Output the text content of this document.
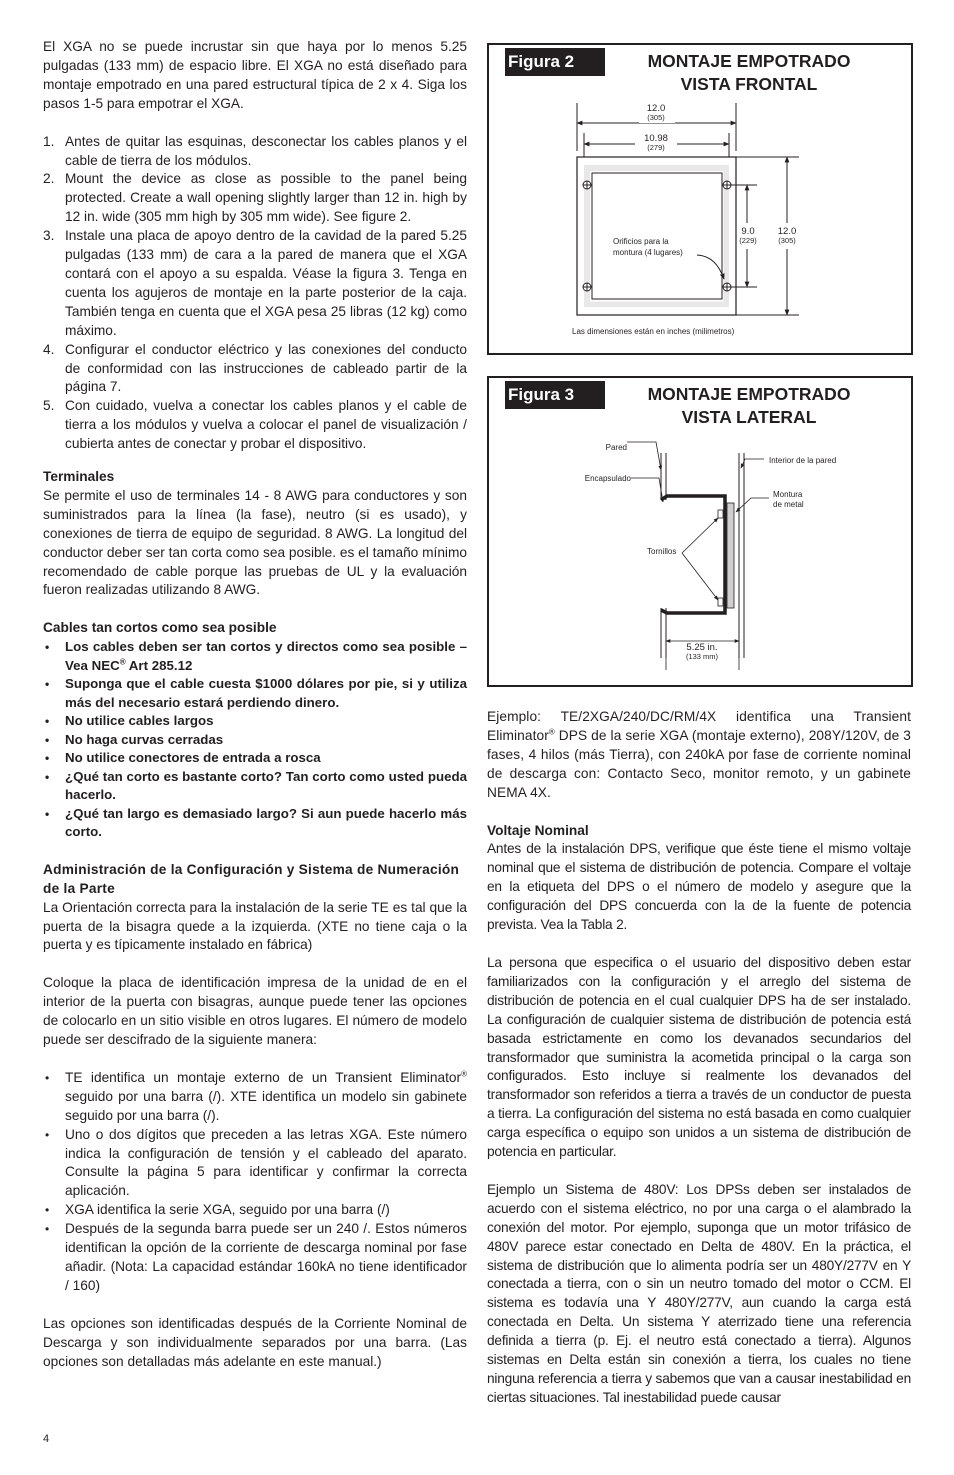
El XGA no se puede incrustar sin que haya por lo menos 5.25 pulgadas (133 mm) de espacio libre. El XGA no está diseñado para montaje empotrado en una pared estructural típica de 2 x 4. Siga los pasos 1-5 para empotrar el XGA.

1. Antes de quitar las esquinas, desconectar los cables planos y el cable de tierra de los módulos.
2. Mount the device as close as possible to the panel being protected. Create a wall opening slightly larger than 12 in. high by 12 in. wide (305 mm high by 305 mm wide). See figure 2.
3. Instale una placa de apoyo dentro de la cavidad de la pared 5.25 pulgadas (133 mm) de cara a la pared de manera que el XGA contará con el apoyo a su espalda. Véase la figura 3. Tenga en cuenta los agujeros de montaje en la parte posterior de la caja. También tenga en cuenta que el XGA pesa 25 libras (12 kg) como máximo.
4. Configurar el conductor eléctrico y las conexiones del conducto de conformidad con las instrucciones de cableado partir de la página 7.
5. Con cuidado, vuelva a conectar los cables planos y el cable de tierra a los módulos y vuelva a colocar el panel de visualización / cubierta antes de conectar y probar el dispositivo.
Terminales

Se permite el uso de terminales 14 - 8 AWG para conductores y son suministrados para la línea (la fase), neutro (si es usado), y conexiones de tierra de equipo de seguridad. 8 AWG. La longitud del conductor deber ser tan corta como sea posible. es el tamaño mínimo recomendado de cable porque las pruebas de UL y la evaluación fueron realizadas utilizando 8 AWG.

Cables tan cortos como sea posible
• Los cables deben ser tan cortos y directos como sea posible – Vea NEC® Art 285.12
• Suponga que el cable cuesta $1000 dólares por pie, si y utiliza más del necesario estará perdiendo dinero.
• No utilice cables largos
• No haga curvas cerradas
• No utilice conectores de entrada a rosca
• ¿Qué tan corto es bastante corto? Tan corto como usted pueda hacerlo.
• ¿Qué tan largo es demasiado largo? Si aun puede hacerlo más corto.
Administración de la Configuración y Sistema de Numeración de la Parte

La Orientación correcta para la instalación de la serie TE es tal que la puerta de la bisagra quede a la izquierda. (XTE no tiene caja o la puerta y es típicamente instalado en fábrica)

Coloque la placa de identificación impresa de la unidad de en el interior de la puerta con bisagras, aunque puede tener las opciones de colocarlo en un sitio visible en otros lugares. El número de modelo puede ser descifrado de la siguiente manera:

• TE identifica un montaje externo de un Transient Eliminator® seguido por una barra (/). XTE identifica un modelo sin gabinete seguido por una barra (/).
• Uno o dos dígitos que preceden a las letras XGA. Este número indica la configuración de tensión y el cableado del aparato. Consulte la página 5 para identificar y confirmar la correcta aplicación.
• XGA identifica la serie XGA, seguido por una barra (/)
• Después de la segunda barra puede ser un 240 /. Estos números identifican la opción de la corriente de descarga nominal por fase añadir. (Nota: La capacidad estándar 160kA no tiene identificador / 160)

Las opciones son identificadas después de la Corriente Nominal de Descarga y son individualmente separados por una barra. (Las opciones son detalladas más adelante en este manual.)

Figura 2	MONTAJE EMPOTRADO
VISTA FRONTAL
12.0
(305)
10.98
(279)
9.0
(229)
12.0
(305)
Orificios para la
montura (4 lugares)
Las dimensiones están en inches (milimetros)
Figura 3	MONTAJE EMPOTRADO
VISTA LATERAL
Pared
Encapsulado
Interior de la pared
Montura
de metal
Tornillos
5.25 in.
(133 mm)

Ejemplo: TE/2XGA/240/DC/RM/4X identifica una Transient Eliminator® DPS de la serie XGA (montaje externo), 208Y/120V, de 3 fases, 4 hilos (más Tierra), con 240kA por fase de corriente nominal de descarga con: Contacto Seco, monitor remoto, y un gabinete NEMA 4X.

Voltaje Nominal

Antes de la instalación DPS, verifique que éste tiene el mismo voltaje nominal que el sistema de distribución de potencia. Compare el voltaje en la etiqueta del DPS o el número de modelo y asegure que la configuración del DPS concuerda con la de la fuente de potencia prevista. Vea la Tabla 2.

La persona que especifica o el usuario del dispositivo deben estar familiarizados con la configuración y el arreglo del sistema de distribución de potencia en el cual cualquier DPS ha de ser instalado. La configuración de cualquier sistema de distribución de potencia está basada estrictamente en como los devanados secundarios del transformador que suministra la acometida principal o la carga son configurados. Esto incluye si realmente los devanados del transformador son referidos a tierra a través de un conductor de puesta a tierra. La configuración del sistema no está basada en como cualquier carga específica o equipo son unidos a un sistema de distribución de potencia en particular.

Ejemplo un Sistema de 480V: Los DPSs deben ser instalados de acuerdo con el sistema eléctrico, no por una carga o el alambrado la conexión del motor. Por ejemplo, suponga que un motor trifásico de 480V parece estar conectado en Delta de 480V. En la práctica, el sistema de distribución que lo alimenta podría ser un 480Y/277V en Y conectada a tierra, con o sin un neutro tomado del motor o CCM. El sistema es todavía una Y 480Y/277V, aun cuando la carga está conectada en Delta. Un sistema Y aterrizado tiene una referencia definida a tierra (p. Ej. el neutro está conectado a tierra). Algunos sistemas en Delta están sin conexión a tierra, los cuales no tiene ninguna referencia a tierra y sabemos que van a causar inestabilidad en ciertas situaciones. Tal inestabilidad puede causar

4
